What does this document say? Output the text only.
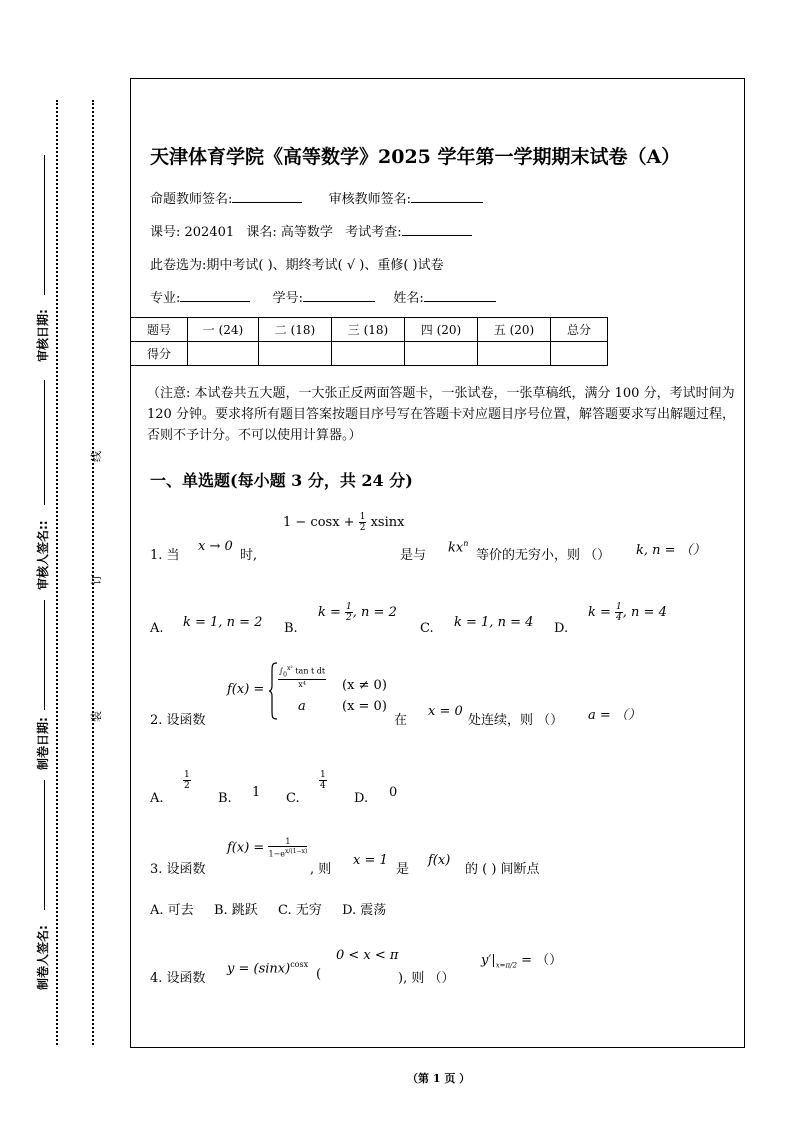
审核日期:
审核人签名::
制卷日期:
制卷人签名:
线
订
装
天津体育学院《高等数学》2025 学年第一学期期末试卷（A）
命题教师签名:	审核教师签名:
课号: 202401 课名: 高等数学 考试考查:
此卷选为:期中考试( )、期终考试( √ )、重修( )试卷
专业:	学号:	姓名:
题号	一 (24)	二 (18)	三 (18)	四 (20)	五 (20)	总分
得分						
（注意: 本试卷共五大题，一大张正反两面答题卡，一张试卷，一张草稿纸，满分 100 分，考试时间为 120 分钟。要求将所有题目答案按题目序号写在答题卡对应题目序号位置，解答题要求写出解题过程，否则不予计分。不可以使用计算器。）
一、单选题(每小题 3 分，共 24 分)
$1 - \cos x + \frac{1}{2}$ xsinx
1. 当
x → 0
时,	是与
$kx^n$
等价的无穷小，则 （） k, n = （）
A. k = 1, n = 2 B.
$k = \frac{1}{2}$ , n = 2
C. k = 1, n = 4 D.
$k = \frac{1}{4}$ , n = 4
2. 设函数
f(x) =
$\frac{\int_0^{x^2} \tan t dt}{\text{x⁴}} (x \ne 0)$
a	(x = 0)
在
x = 0
处连续，则 （） a = （）
A.
$\frac{1}{2}$
B. 1 C.
$\frac{1}{4}$
D. 0
3. 设函数
$f(x) = \frac{1}{1-e^{x/(1-x)}}$
, 则
x = 1
是
f(x)
的 ( ) 间断点
A. 可去 B. 跳跃 C. 无穷 D. 震荡
4. 设函数
$y = (\sin x)^{cosx}$
0 < x < π
(	), 则 （）
$y'|_{x=\pi/2}$ = （）
（第 1 页 ）
